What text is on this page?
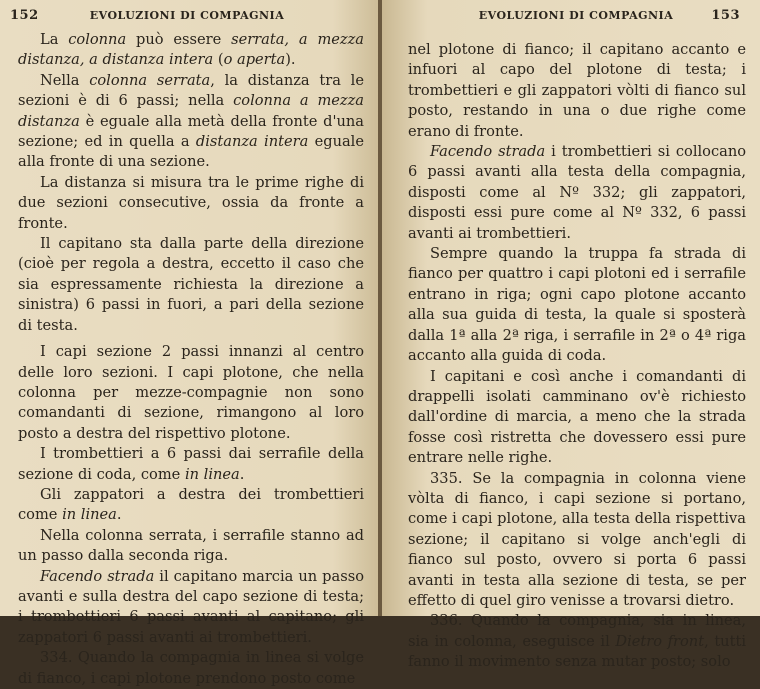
152	EVOLUZIONI DI COMPAGNIA

La colonna può essere serrata, a mezza distanza, a distanza intera (o aperta).

Nella colonna serrata, la distanza tra le sezioni è di 6 passi; nella colonna a mezza distanza è eguale alla metà della fronte d'una sezione; ed in quella a distanza intera eguale alla fronte di una sezione.

La distanza si misura tra le prime righe di due sezioni consecutive, ossia da fronte a fronte.

Il capitano sta dalla parte della direzione (cioè per regola a destra, eccetto il caso che sia espressamente richiesta la direzione a sinistra) 6 passi in fuori, a pari della sezione di testa.

I capi sezione 2 passi innanzi al centro delle loro sezioni. I capi plotone, che nella colonna per mezze-compagnie non sono comandanti di sezione, rimangono al loro posto a destra del rispettivo plotone.

I trombettieri a 6 passi dai serrafile della sezione di coda, come in linea.

Gli zappatori a destra dei trombettieri come in linea.

Nella colonna serrata, i serrafile stanno ad un passo dalla seconda riga.

Facendo strada il capitano marcia un passo avanti e sulla destra del capo sezione di testa; i trombettieri 6 passi avanti al capitano; gli zappatori 6 passi avanti ai trombettieri.

334. Quando la compagnia in linea si volge di fianco, i capi plotone prendono posto come

EVOLUZIONI DI COMPAGNIA	153

nel plotone di fianco; il capitano accanto e infuori al capo del plotone di testa; i trombettieri e gli zappatori vòlti di fianco sul posto, restando in una o due righe come erano di fronte.

Facendo strada i trombettieri si collocano 6 passi avanti alla testa della compagnia, disposti come al Nº 332; gli zappatori, disposti essi pure come al Nº 332, 6 passi avanti ai trombettieri.

Sempre quando la truppa fa strada di fianco per quattro i capi plotoni ed i serrafile entrano in riga; ogni capo plotone accanto alla sua guida di testa, la quale si sposterà dalla 1ª alla 2ª riga, i serrafile in 2ª o 4ª riga accanto alla guida di coda.

I capitani e così anche i comandanti di drappelli isolati camminano ov'è richiesto dall'ordine di marcia, a meno che la strada fosse così ristretta che dovessero essi pure entrare nelle righe.

335. Se la compagnia in colonna viene vòlta di fianco, i capi sezione si portano, come i capi plotone, alla testa della rispettiva sezione; il capitano si volge anch'egli di fianco sul posto, ovvero si porta 6 passi avanti in testa alla sezione di testa, se per effetto di quel giro venisse a trovarsi dietro.

336. Quando la compagnia, sia in linea, sia in colonna, eseguisce il Dietro front, tutti fanno il movimento senza mutar posto; solo
